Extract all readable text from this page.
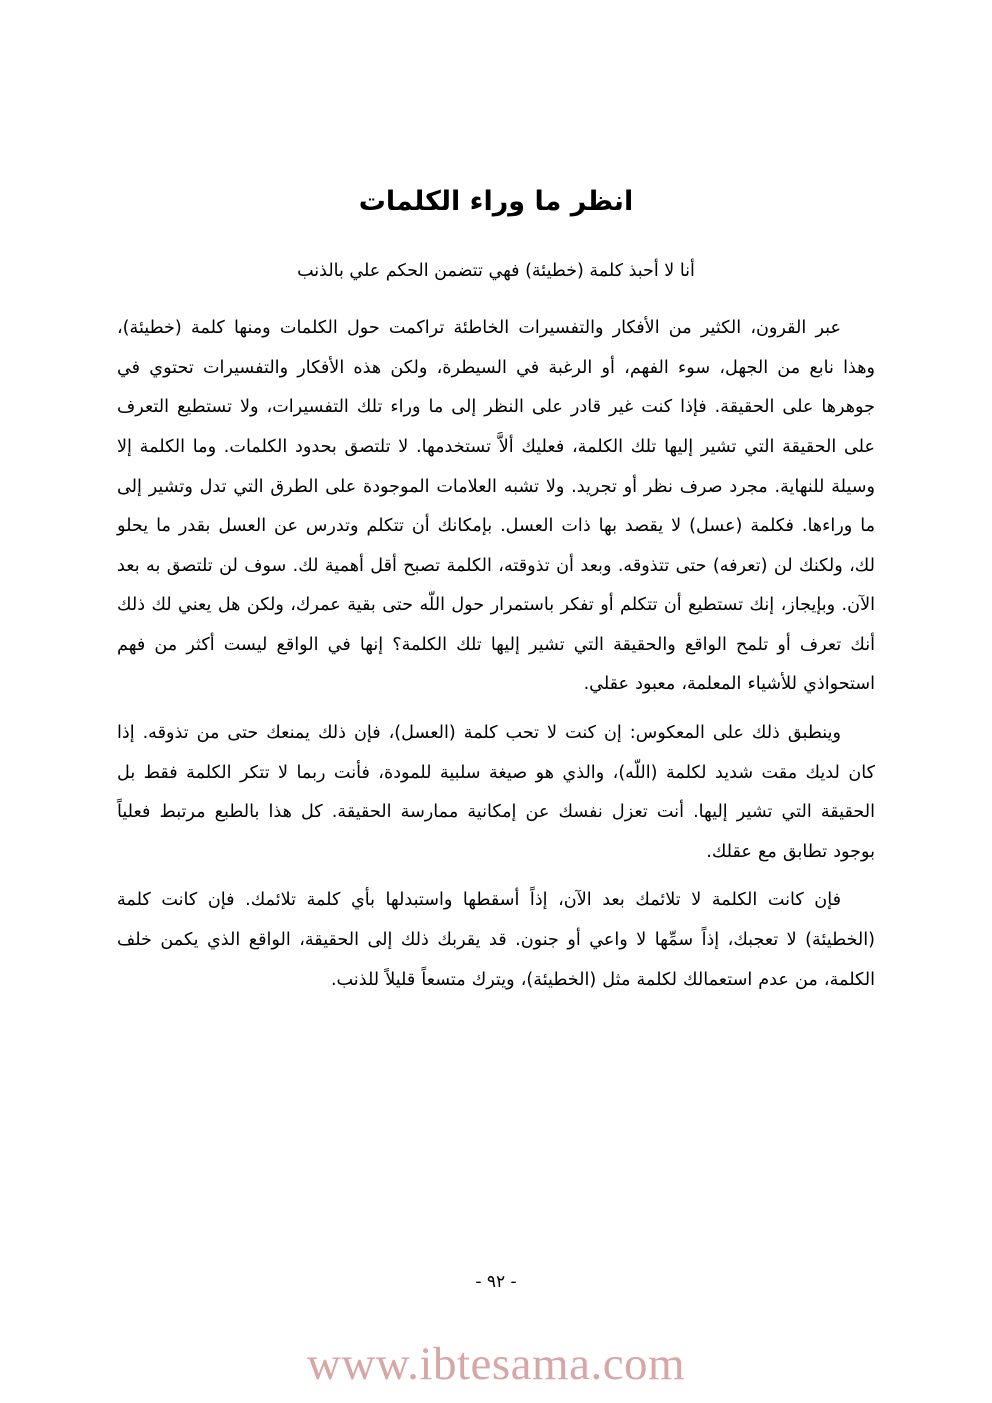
انظر ما وراء الكلمات

أنا لا أحبذ كلمة (خطيئة) فهي تتضمن الحكم علي بالذنب

عبر القرون، الكثير من الأفكار والتفسيرات الخاطئة تراكمت حول الكلمات ومنها كلمة (خطيئة)، وهذا نابع من الجهل، سوء الفهم، أو الرغبة في السيطرة، ولكن هذه الأفكار والتفسيرات تحتوي في جوهرها على الحقيقة. فإذا كنت غير قادر على النظر إلى ما وراء تلك التفسيرات، ولا تستطيع التعرف على الحقيقة التي تشير إليها تلك الكلمة، فعليك ألاَّ تستخدمها. لا تلتصق بحدود الكلمات. وما الكلمة إلا وسيلة للنهاية. مجرد صرف نظر أو تجريد. ولا تشبه العلامات الموجودة على الطرق التي تدل وتشير إلى ما وراءها. فكلمة (عسل) لا يقصد بها ذات العسل. بإمكانك أن تتكلم وتدرس عن العسل بقدر ما يحلو لك، ولكنك لن (تعرفه) حتى تتذوقه. وبعد أن تذوقته، الكلمة تصبح أقل أهمية لك. سوف لن تلتصق به بعد الآن. وبإيجاز، إنك تستطيع أن تتكلم أو تفكر باستمرار حول اللّه حتى بقية عمرك، ولكن هل يعني لك ذلك أنك تعرف أو تلمح الواقع والحقيقة التي تشير إليها تلك الكلمة؟ إنها في الواقع ليست أكثر من فهم استحواذي للأشياء المعلمة، معبود عقلي.

وينطبق ذلك على المعكوس: إن كنت لا تحب كلمة (العسل)، فإن ذلك يمنعك حتى من تذوقه. إذا كان لديك مقت شديد لكلمة (اللّه)، والذي هو صيغة سلبية للمودة، فأنت ربما لا تتكر الكلمة فقط بل الحقيقة التي تشير إليها. أنت تعزل نفسك عن إمكانية ممارسة الحقيقة. كل هذا بالطبع مرتبط فعلياً بوجود تطابق مع عقلك.

فإن كانت الكلمة لا تلائمك بعد الآن، إذاً أسقطها واستبدلها بأي كلمة تلائمك. فإن كانت كلمة (الخطيئة) لا تعجبك، إذاً سمِّها لا واعي أو جنون. قد يقربك ذلك إلى الحقيقة، الواقع الذي يكمن خلف الكلمة، من عدم استعمالك لكلمة مثل (الخطيئة)، ويترك متسعاً قليلاً للذنب.

- ٩٢ -
www.ibtesama.com
